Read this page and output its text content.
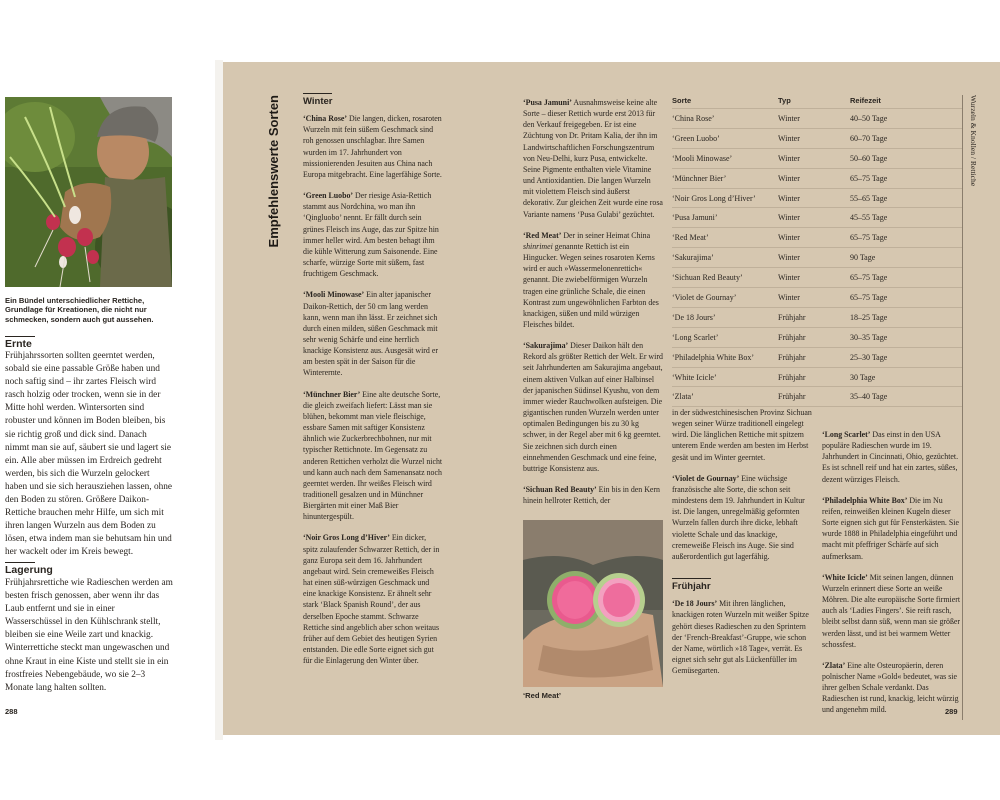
Ein Bündel unterschiedlicher Rettiche, Grundlage für Kreationen, die nicht nur schmecken, sondern auch gut aussehen.
Ernte
Frühjahrssorten sollten geerntet werden, sobald sie eine passable Größe haben und noch saftig sind – ihr zartes Fleisch wird rasch holzig oder trocken, wenn sie in der Mitte hohl werden. Wintersorten sind robuster und können im Boden bleiben, bis sie richtig groß und dick sind. Danach nimmt man sie auf, säubert sie und lagert sie ein. Alle aber müssen im Erdreich gedreht werden, bis sich die Wurzeln gelockert haben und sie sich herausziehen lassen, ohne den Boden zu stören. Größere Daikon-Rettiche brauchen mehr Hilfe, um sich mit ihren langen Wurzeln aus dem Boden zu lösen, etwa indem man sie behutsam hin und her wackelt oder im Kreis bewegt.
Lagerung
Frühjahrsrettiche wie Radieschen werden am besten frisch genossen, aber wenn ihr das Laub entfernt und sie in einer Wasserschüssel in den Kühlschrank stellt, bleiben sie eine Weile zart und knackig. Winterrettiche steckt man ungewaschen und ohne Kraut in eine Kiste und stellt sie in ein frostfreies Nebengebäude, wo sie 2–3 Monate lang halten sollten.
288
Empfehlenswerte Sorten	Wurzeln & Knollen / Rettiche
Winter

‘China Rose’ Die langen, dicken, rosaroten Wurzeln mit fein süßem Geschmack sind roh genossen unschlagbar. Ihre Samen wurden im 17. Jahrhundert von missionierenden Jesuiten aus China nach Europa mitgebracht. Eine lagerfähige Sorte.

‘Green Luobo’ Der riesige Asia-Rettich stammt aus Nordchina, wo man ihn ‘Qingluobo’ nennt. Er fällt durch sein grünes Fleisch ins Auge, das zur Spitze hin immer heller wird. Am besten behagt ihm die kühle Witterung zum Saisonende. Eine scharfe, würzige Sorte mit süßem, fast fruchtigem Geschmack.

‘Mooli Minowase’ Ein alter japanischer Daikon-Rettich, der 50 cm lang werden kann, wenn man ihn lässt. Er zeichnet sich durch einen milden, süßen Geschmack mit sehr wenig Schärfe und eine herrlich knackige Konsistenz aus. Ausgesät wird er am besten spät in der Saison für die Winterernte.

‘Münchner Bier’ Eine alte deutsche Sorte, die gleich zweifach liefert: Lässt man sie blühen, bekommt man viele fleischige, essbare Samen mit saftiger Konsistenz ähnlich wie Zuckerbrechbohnen, nur mit typischer Rettichnote. Im Gegensatz zu anderen Rettichen verholzt die Wurzel nicht und kann auch nach dem Samenansatz noch geerntet werden. Ihr weißes Fleisch wird traditionell gesalzen und in Münchner Biergärten mit einer Maß Bier hinuntergespült.

‘Noir Gros Long d’Hiver’ Ein dicker, spitz zulaufender Schwarzer Rettich, der in ganz Europa seit dem 16. Jahrhundert angebaut wird. Sein cremeweißes Fleisch hat einen süß-würzigen Geschmack und eine knackige Konsistenz. Er ähnelt sehr stark ‘Black Spanish Round’, der aus derselben Epoche stammt. Schwarze Rettiche sind angeblich aber schon weitaus früher auf dem Gebiet des heutigen Syrien entstanden. Die edle Sorte eignet sich gut für die Einlagerung den Winter über.

‘Pusa Jamuni’ Ausnahmsweise keine alte Sorte – dieser Rettich wurde erst 2013 für den Verkauf freigegeben. Er ist eine Züchtung von Dr. Pritam Kalia, der ihn im Landwirtschaftlichen Forschungszentrum von Neu-Delhi, kurz Pusa, entwickelte. Seine Pigmente enthalten viele Vitamine und Antioxidantien. Die langen Wurzeln mit violettem Fleisch sind äußerst dekorativ. Zur gleichen Zeit wurde eine rosa Variante namens ‘Pusa Gulabi’ gezüchtet.

‘Red Meat’ Der in seiner Heimat China shinrimei genannte Rettich ist ein Hingucker. Wegen seines rosaroten Kerns wird er auch »Wassermelonenrettich« genannt. Die zwiebelförmigen Wurzeln tragen eine grünliche Schale, die einen Kontrast zum ungewöhnlichen Farbton des knackigen, süßen und mild würzigen Fleisches bildet.

‘Sakurajima’ Dieser Daikon hält den Rekord als größter Rettich der Welt. Er wird seit Jahrhunderten am Sakurajima angebaut, einem aktiven Vulkan auf einer Halbinsel der japanischen Südinsel Kyushu, von dem immer wieder Rauchwolken aufsteigen. Die gigantischen runden Wurzeln werden unter optimalen Bedingungen bis zu 30 kg schwer, in der Regel aber mit 6 kg geerntet. Sie zeichnen sich durch einen einnehmenden Geschmack und eine feine, buttrige Konsistenz aus.

‘Sichuan Red Beauty’ Ein bis in den Kern hinein hellroter Rettich, der

‘Red Meat’

in der südwestchinesischen Provinz Sichuan wegen seiner Würze traditionell eingelegt wird. Die länglichen Rettiche mit spitzem unterem Ende werden am besten im Herbst gesät und im Winter geerntet.

‘Violet de Gournay’ Eine wüchsige französische alte Sorte, die schon seit mindestens dem 19. Jahrhundert in Kultur ist. Die langen, unregelmäßig geformten Wurzeln fallen durch ihre dicke, lebhaft violette Schale und das knackige, cremeweiße Fleisch ins Auge. Sie sind außerordentlich gut lagerfähig.

Frühjahr

‘De 18 Jours’ Mit ihren länglichen, knackigen roten Wurzeln mit weißer Spitze gehört dieses Radieschen zu den Sprintern der ‘French-Breakfast’-Gruppe, wie schon der Name, wörtlich »18 Tage«, verrät. Es eignet sich sehr gut als Lückenfüller im Gemüsegarten.

‘Long Scarlet’ Das einst in den USA populäre Radieschen wurde im 19. Jahrhundert in Cincinnati, Ohio, gezüchtet. Es ist schnell reif und hat ein zartes, süßes, dezent würziges Fleisch.

‘Philadelphia White Box’ Die im Nu reifen, reinweißen kleinen Kugeln dieser Sorte eignen sich gut für Fensterkästen. Sie wurde 1888 in Philadelphia eingeführt und macht mit pfeffriger Schärfe auf sich aufmerksam.

‘White Icicle’ Mit seinen langen, dünnen Wurzeln erinnert diese Sorte an weiße Möhren. Die alte europäische Sorte firmiert auch als ‘Ladies Fingers’. Sie reift rasch, bleibt selbst dann süß, wenn man sie größer werden lässt, und ist bei warmem Wetter schossfest.

‘Zlata’ Eine alte Osteuropäerin, deren polnischer Name »Gold« bedeutet, was sie ihrer gelben Schale verdankt. Das Radieschen ist rund, knackig, leicht würzig und angenehm mild.

Sorte	Typ	Reifezeit
‘China Rose’	Winter	40–50 Tage
‘Green Luobo’	Winter	60–70 Tage
‘Mooli Minowase’	Winter	50–60 Tage
‘Münchner Bier’	Winter	65–75 Tage
‘Noir Gros Long d’Hiver’	Winter	55–65 Tage
‘Pusa Jamuni’	Winter	45–55 Tage
‘Red Meat’	Winter	65–75 Tage
‘Sakurajima’	Winter	90 Tage
‘Sichuan Red Beauty’	Winter	65–75 Tage
‘Violet de Gournay’	Winter	65–75 Tage
‘De 18 Jours’	Frühjahr	18–25 Tage
‘Long Scarlet’	Frühjahr	30–35 Tage
‘Philadelphia White Box’	Frühjahr	25–30 Tage
‘White Icicle’	Frühjahr	30 Tage
‘Zlata’	Frühjahr	35–40 Tage
289
